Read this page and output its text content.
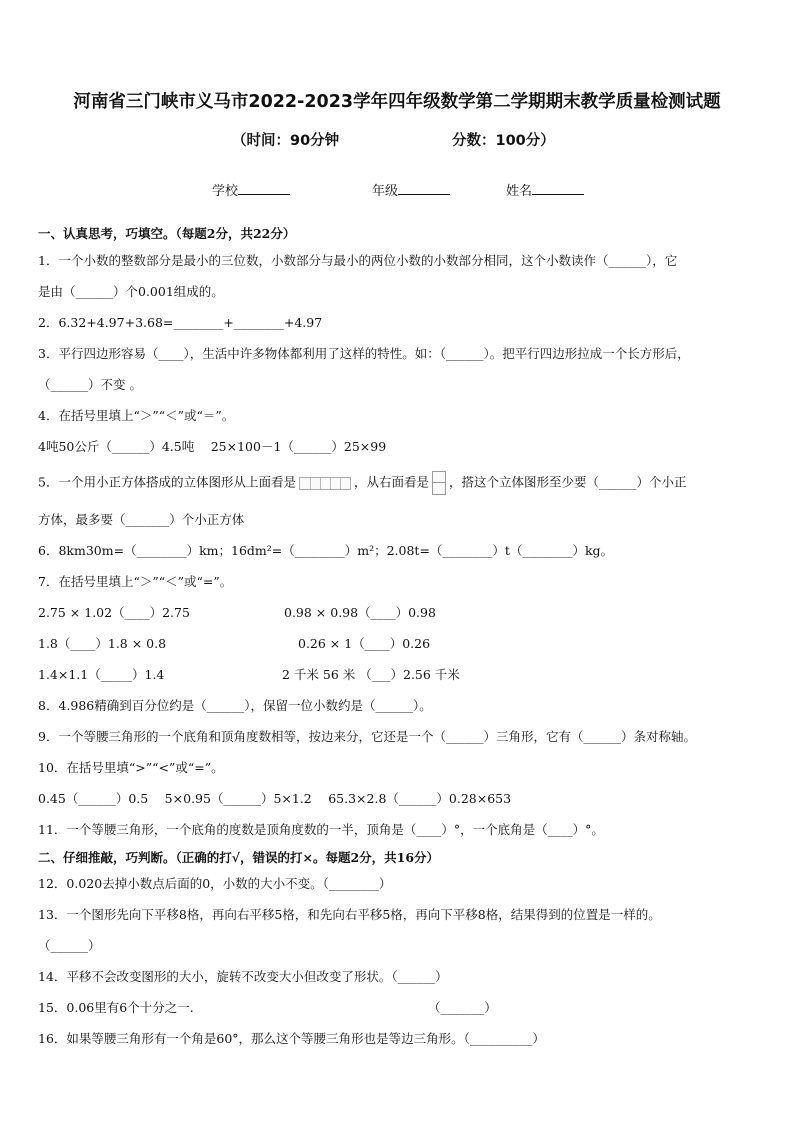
河南省三门峡市义马市2022-2023学年四年级数学第二学期期末教学质量检测试题
（时间：90分钟	分数：100分）
学校	年级	姓名
一、认真思考，巧填空。（每题2分，共22分）
1．一个小数的整数部分是最小的三位数，小数部分与最小的两位小数的小数部分相同，这个小数读作（______），它
是由（______）个0.001组成的。
2．6.32+4.97+3.68=________+________+4.97
3．平行四边形容易（____），生活中许多物体都利用了这样的特性。如：（______）。把平行四边形拉成一个长方形后，
（______）不变 。
4．在括号里填上“＞”“＜”或“＝”。
4吨50公斤（______）4.5吨　 25×100－1（______）25×99
5．一个用小正方体搭成的立体图形从上面看是	，从右面看是 ，搭这个立体图形至少要（______）个小正
方体，最多要（_______）个小正方体
6．8km30m=（________）km；16dm²=（________）m²；2.08t=（________）t（________）kg。
7．在括号里填上“＞”“＜”或“=”。
2.75 × 1.02（____）2.75	0.98 × 0.98（____）0.98
1.8（____）1.8 × 0.8	0.26 × 1（____）0.26
1.4×1.1（_____）1.4	2 千米 56 米 （___）2.56 千米
8．4.986精确到百分位约是（______），保留一位小数约是（______）。
9．一个等腰三角形的一个底角和顶角度数相等，按边来分，它还是一个（______）三角形，它有（______）条对称轴。
10．在括号里填“>”“<”或“=”。
0.45（______）0.5　 5×0.95（______）5×1.2　 65.3×2.8（______）0.28×653
11．一个等腰三角形，一个底角的度数是顶角度数的一半，顶角是（____）°，一个底角是（____）°。
二、仔细推敲，巧判断。（正确的打√，错误的打×。每题2分，共16分）
12．0.020去掉小数点后面的0，小数的大小不变。（________）
13．一个图形先向下平移8格，再向右平移5格，和先向右平移5格，再向下平移8格，结果得到的位置是一样的。
（______）
14．平移不会改变图形的大小，旋转不改变大小但改变了形状。（______）
15．0.06里有6个十分之一.	（_______）
16．如果等腰三角形有一个角是60°，那么这个等腰三角形也是等边三角形。（__________）
